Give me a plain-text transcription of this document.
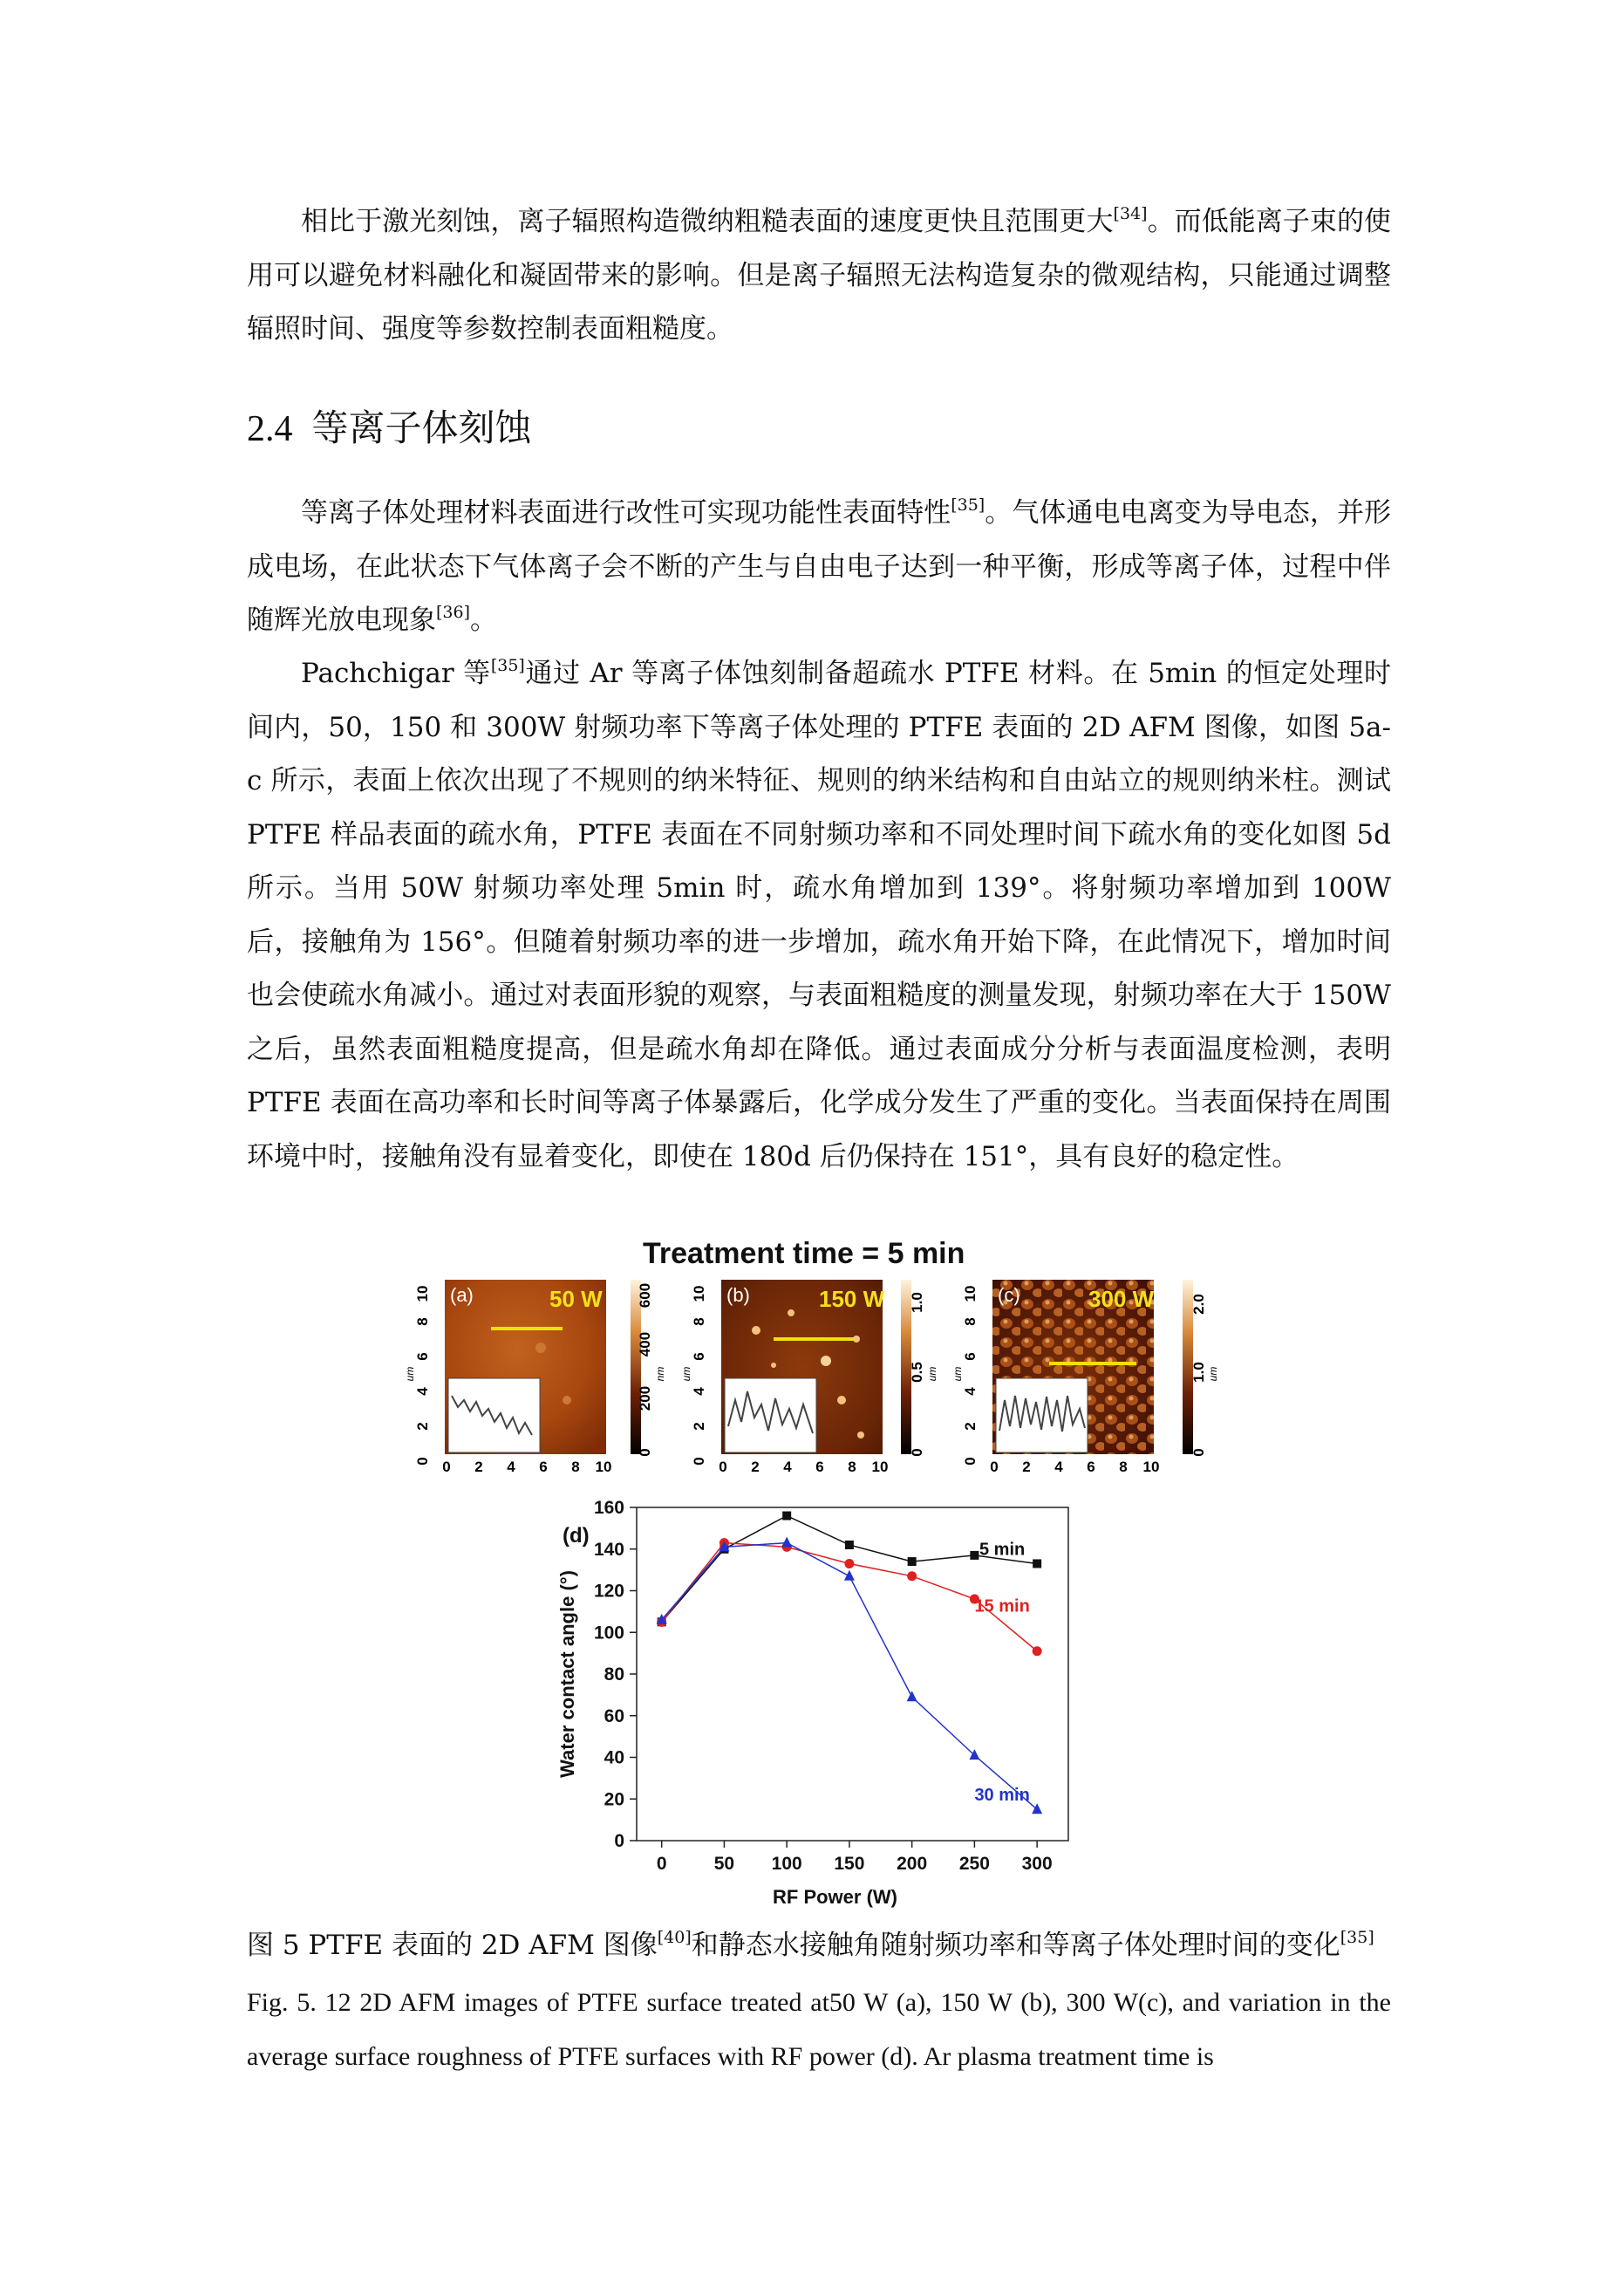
相比于激光刻蚀，离子辐照构造微纳粗糙表面的速度更快且范围更大[34]。而低能离子束的使用可以避免材料融化和凝固带来的影响。但是离子辐照无法构造复杂的微观结构，只能通过调整辐照时间、强度等参数控制表面粗糙度。

2.4 等离子体刻蚀

等离子体处理材料表面进行改性可实现功能性表面特性[35]。气体通电电离变为导电态，并形成电场，在此状态下气体离子会不断的产生与自由电子达到一种平衡，形成等离子体，过程中伴随辉光放电现象[36]。

Pachchigar 等[35]通过 Ar 等离子体蚀刻制备超疏水 PTFE 材料。在 5min 的恒定处理时间内，50，150 和 300W 射频功率下等离子体处理的 PTFE 表面的 2D AFM 图像，如图 5a-c 所示，表面上依次出现了不规则的纳米特征、规则的纳米结构和自由站立的规则纳米柱。测试 PTFE 样品表面的疏水角，PTFE 表面在不同射频功率和不同处理时间下疏水角的变化如图 5d 所示。当用 50W 射频功率处理 5min 时，疏水角增加到 139°。将射频功率增加到 100W 后，接触角为 156°。但随着射频功率的进一步增加，疏水角开始下降，在此情况下，增加时间也会使疏水角减小。通过对表面形貌的观察，与表面粗糙度的测量发现，射频功率在大于 150W 之后，虽然表面粗糙度提高，但是疏水角却在降低。通过表面成分分析与表面温度检测，表明 PTFE 表面在高功率和长时间等离子体暴露后，化学成分发生了严重的变化。当表面保持在周围环境中时，接触角没有显着变化，即使在 180d 后仍保持在 151°，具有良好的稳定性。

Treatment time = 5 min
(a)	50 W
0
2
4
6
8
10
um
0 2 4 6 8 10
0
200
400
600
nm
(b)	150 W
0
2
4
6
8
10
um
0 2 4 6 8 10
0
0.5
1.0
um
(c)	300 W
0
2
4
6
8
10
um
0 2 4 6 8 10
0
1.0
2.0
um
0
20
40
60
80
100
120
140
160
0	50 100 150 200 250 300
RF Power (W)
Water contact angle (°)
(d)
5 min
15 min
30 min

图 5 PTFE 表面的 2D AFM 图像[40]和静态水接触角随射频功率和等离子体处理时间的变化[35]

Fig. 5. 12 2D AFM images of PTFE surface treated at50 W (a), 150 W (b), 300 W(c), and variation in the average surface roughness of PTFE surfaces with RF power (d). Ar plasma treatment time is
